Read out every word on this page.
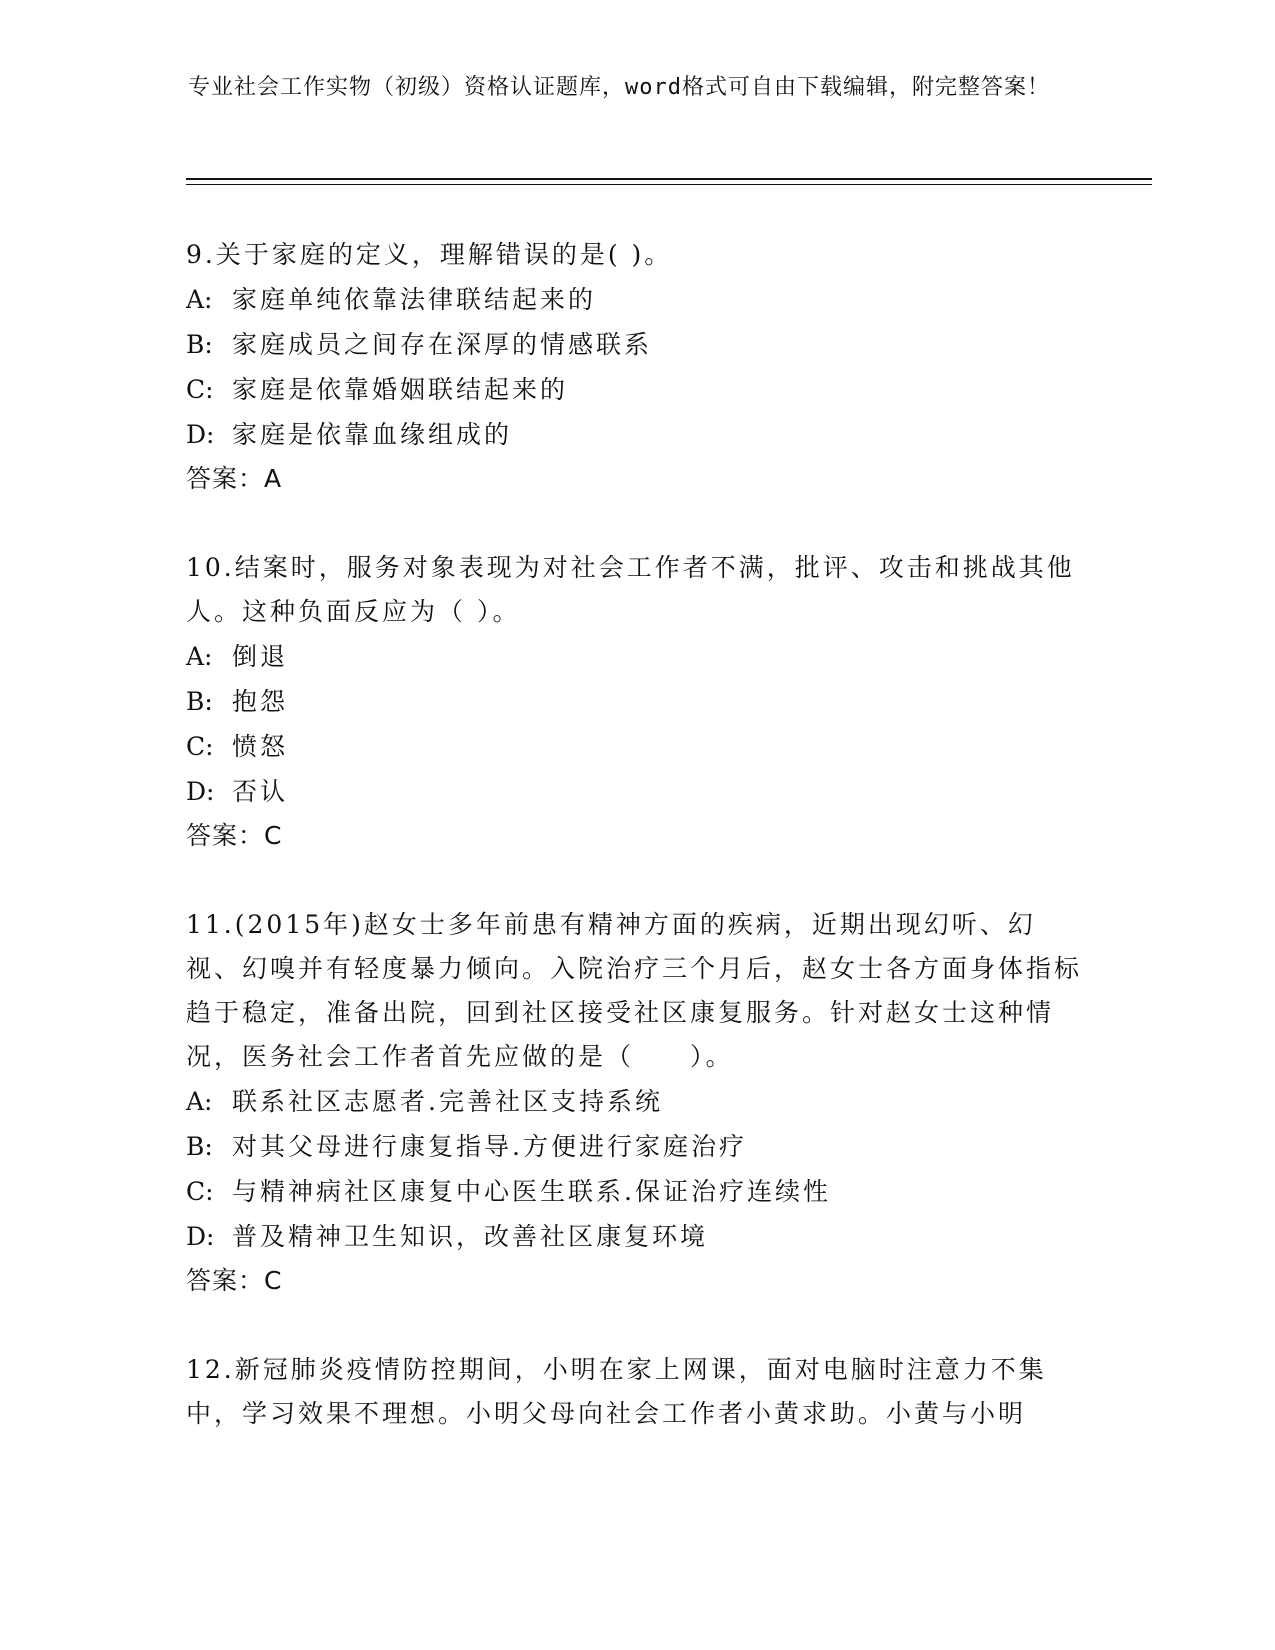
专业社会工作实物（初级）资格认证题库，word格式可自由下载编辑，附完整答案！
9.关于家庭的定义，理解错误的是( )。
A: 家庭单纯依靠法律联结起来的
B: 家庭成员之间存在深厚的情感联系
C: 家庭是依靠婚姻联结起来的
D: 家庭是依靠血缘组成的
答案：A
10.结案时，服务对象表现为对社会工作者不满，批评、攻击和挑战其他人。这种负面反应为（ ）。
A: 倒退
B: 抱怨
C: 愤怒
D: 否认
答案：C
11.(2015年)赵女士多年前患有精神方面的疾病，近期出现幻听、幻视、幻嗅并有轻度暴力倾向。入院治疗三个月后，赵女士各方面身体指标趋于稳定，准备出院，回到社区接受社区康复服务。针对赵女士这种情况，医务社会工作者首先应做的是（　　）。
A: 联系社区志愿者.完善社区支持系统
B: 对其父母进行康复指导.方便进行家庭治疗
C: 与精神病社区康复中心医生联系.保证治疗连续性
D: 普及精神卫生知识，改善社区康复环境
答案：C
12.新冠肺炎疫情防控期间，小明在家上网课，面对电脑时注意力不集中，学习效果不理想。小明父母向社会工作者小黄求助。小黄与小明
